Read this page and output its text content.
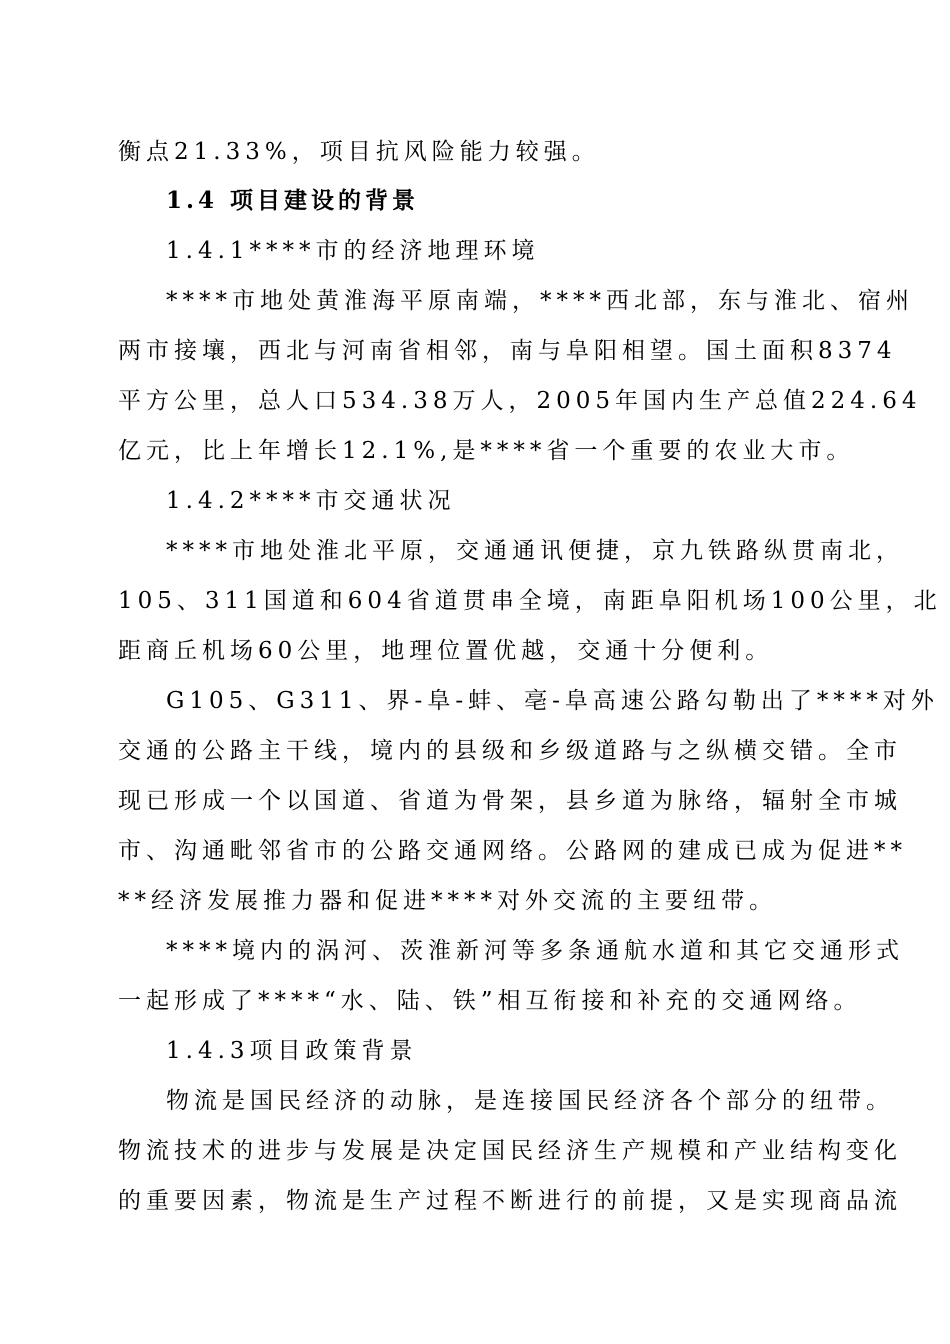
衡点21.33%，项目抗风险能力较强。
1.4 项目建设的背景
1.4.1****市的经济地理环境
****市地处黄淮海平原南端，****西北部，东与淮北、宿州
两市接壤，西北与河南省相邻，南与阜阳相望。国土面积8374
平方公里，总人口534.38万人，2005年国内生产总值224.64
亿元，比上年增长12.1%,是****省一个重要的农业大市。
1.4.2****市交通状况
****市地处淮北平原，交通通讯便捷，京九铁路纵贯南北，
105、311国道和604省道贯串全境，南距阜阳机场100公里，北
距商丘机场60公里，地理位置优越，交通十分便利。
G105、G311、界-阜-蚌、亳-阜高速公路勾勒出了****对外
交通的公路主干线，境内的县级和乡级道路与之纵横交错。全市
现已形成一个以国道、省道为骨架，县乡道为脉络，辐射全市城
市、沟通毗邻省市的公路交通网络。公路网的建成已成为促进**
**经济发展推力器和促进****对外交流的主要纽带。
****境内的涡河、茨淮新河等多条通航水道和其它交通形式
一起形成了****“水、陆、铁”相互衔接和补充的交通网络。
1.4.3项目政策背景
物流是国民经济的动脉，是连接国民经济各个部分的纽带。
物流技术的进步与发展是决定国民经济生产规模和产业结构变化
的重要因素，物流是生产过程不断进行的前提，又是实现商品流
